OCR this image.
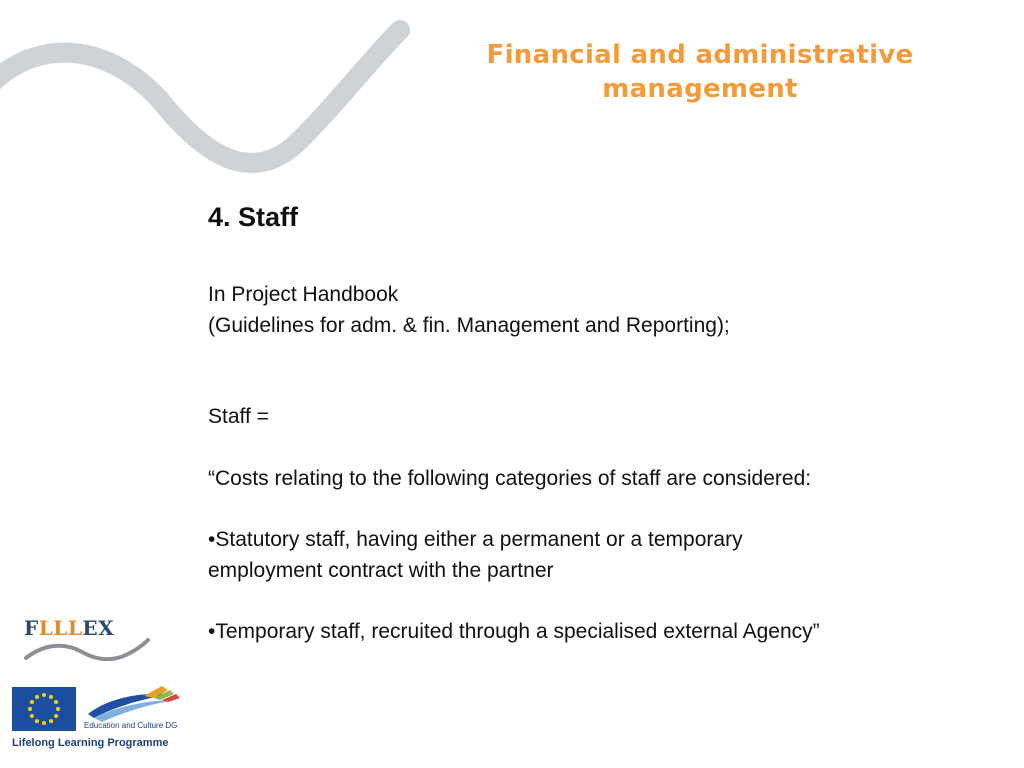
Financial and administrative
management
4. Staff

In Project Handbook

(Guidelines for adm. & fin. Management and Reporting);

Staff =

“Costs relating to the following categories of staff are considered:

•Statutory staff, having either a permanent or a temporary

employment contract with the partner

•Temporary staff, recruited through a specialised external Agency”

FLLLEX
Education and Culture DG
Lifelong Learning Programme
